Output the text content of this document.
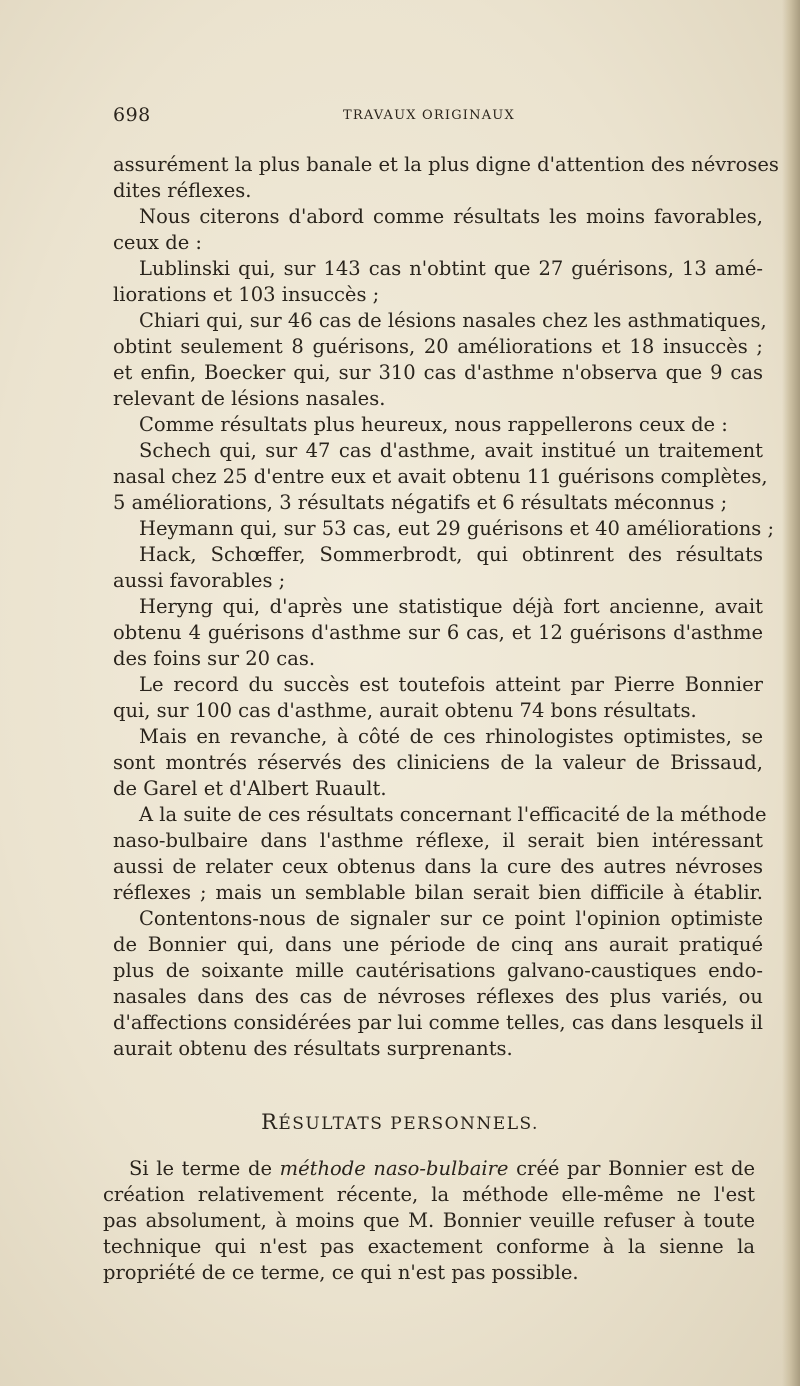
698	TRAVAUX ORIGINAUX
assurément la plus banale et la plus digne d'attention des névroses
dites réflexes.
Nous citerons d'abord comme résultats les moins favorables,
ceux de :
Lublinski qui, sur 143 cas n'obtint que 27 guérisons, 13 amé-
liorations et 103 insuccès ;
Chiari qui, sur 46 cas de lésions nasales chez les asthmatiques,
obtint seulement 8 guérisons, 20 améliorations et 18 insuccès ;
et enfin, Boecker qui, sur 310 cas d'asthme n'observa que 9 cas
relevant de lésions nasales.
Comme résultats plus heureux, nous rappellerons ceux de :
Schech qui, sur 47 cas d'asthme, avait institué un traitement
nasal chez 25 d'entre eux et avait obtenu 11 guérisons complètes,
5 améliorations, 3 résultats négatifs et 6 résultats méconnus ;
Heymann qui, sur 53 cas, eut 29 guérisons et 40 améliorations ;
Hack, Schœffer, Sommerbrodt, qui obtinrent des résultats
aussi favorables ;
Heryng qui, d'après une statistique déjà fort ancienne, avait
obtenu 4 guérisons d'asthme sur 6 cas, et 12 guérisons d'asthme
des foins sur 20 cas.
Le record du succès est toutefois atteint par Pierre Bonnier
qui, sur 100 cas d'asthme, aurait obtenu 74 bons résultats.
Mais en revanche, à côté de ces rhinologistes optimistes, se
sont montrés réservés des cliniciens de la valeur de Brissaud,
de Garel et d'Albert Ruault.
A la suite de ces résultats concernant l'efficacité de la méthode
naso-bulbaire dans l'asthme réflexe, il serait bien intéressant
aussi de relater ceux obtenus dans la cure des autres névroses
réflexes ; mais un semblable bilan serait bien difficile à établir.
Contentons-nous de signaler sur ce point l'opinion optimiste
de Bonnier qui, dans une période de cinq ans aurait pratiqué
plus de soixante mille cautérisations galvano-caustiques endo-
nasales dans des cas de névroses réflexes des plus variés, ou
d'affections considérées par lui comme telles, cas dans lesquels il
aurait obtenu des résultats surprenants.
RÉSULTATS PERSONNELS.
Si le terme de méthode naso-bulbaire créé par Bonnier est de
création relativement récente, la méthode elle-même ne l'est
pas absolument, à moins que M. Bonnier veuille refuser à toute
technique qui n'est pas exactement conforme à la sienne la
propriété de ce terme, ce qui n'est pas possible.
